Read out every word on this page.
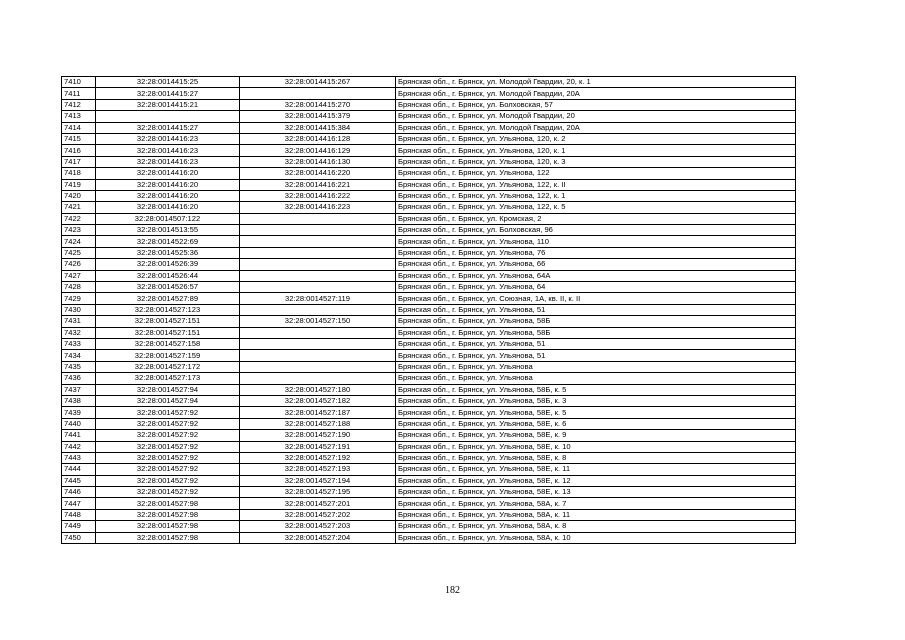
7410	32:28:0014415:25	32:28:0014415:267	Брянская обл., г. Брянск, ул. Молодой Гвардии, 20, к. 1
7411	32:28:0014415:27		Брянская обл., г. Брянск, ул. Молодой Гвардии, 20А
7412	32:28:0014415:21	32:28:0014415:270	Брянская обл., г. Брянск, ул. Болховская, 57
7413		32:28:0014415:379	Брянская обл., г. Брянск, ул. Молодой Гвардии, 20
7414	32:28:0014415:27	32:28:0014415:384	Брянская обл., г. Брянск, ул. Молодой Гвардии, 20А
7415	32:28:0014416:23	32:28:0014416:128	Брянская обл., г. Брянск, ул. Ульянова, 120, к. 2
7416	32:28:0014416:23	32:28:0014416:129	Брянская обл., г. Брянск, ул. Ульянова, 120, к. 1
7417	32:28:0014416:23	32:28:0014416:130	Брянская обл., г. Брянск, ул. Ульянова, 120, к. 3
7418	32:28:0014416:20	32:28:0014416:220	Брянская обл., г. Брянск, ул. Ульянова, 122
7419	32:28:0014416:20	32:28:0014416:221	Брянская обл., г. Брянск, ул. Ульянова, 122, к. II
7420	32:28:0014416:20	32:28:0014416:222	Брянская обл., г. Брянск, ул. Ульянова, 122, к. 1
7421	32:28:0014416:20	32:28:0014416:223	Брянская обл., г. Брянск, ул. Ульянова, 122, к. 5
7422	32:28:0014507:122		Брянская обл., г. Брянск, ул. Кромская, 2
7423	32:28:0014513:55		Брянская обл., г. Брянск, ул. Болховская, 96
7424	32:28:0014522:69		Брянская обл., г. Брянск, ул. Ульянова, 110
7425	32:28:0014525:36		Брянская обл., г. Брянск, ул. Ульянова, 76
7426	32:28:0014526:39		Брянская обл., г. Брянск, ул. Ульянова, 66
7427	32:28:0014526:44		Брянская обл., г. Брянск, ул. Ульянова, 64А
7428	32:28:0014526:57		Брянская обл., г. Брянск, ул. Ульянова, 64
7429	32:28:0014527:89	32:28:0014527:119	Брянская обл., г. Брянск, ул. Союзная, 1А, кв. II, к. II
7430	32:28:0014527:123		Брянская обл., г. Брянск, ул. Ульянова, 51
7431	32:28:0014527:151	32:28:0014527:150	Брянская обл., г. Брянск, ул. Ульянова, 58Б
7432	32:28:0014527:151		Брянская обл., г. Брянск, ул. Ульянова, 58Б
7433	32:28:0014527:158		Брянская обл., г. Брянск, ул. Ульянова, 51
7434	32:28:0014527:159		Брянская обл., г. Брянск, ул. Ульянова, 51
7435	32:28:0014527:172		Брянская обл., г. Брянск, ул. Ульянова
7436	32:28:0014527:173		Брянская обл., г. Брянск, ул. Ульянова
7437	32:28:0014527:94	32:28:0014527:180	Брянская обл., г. Брянск, ул. Ульянова, 58Б, к. 5
7438	32:28:0014527:94	32:28:0014527:182	Брянская обл., г. Брянск, ул. Ульянова, 58Б, к. 3
7439	32:28:0014527:92	32:28:0014527:187	Брянская обл., г. Брянск, ул. Ульянова, 58Е, к. 5
7440	32:28:0014527:92	32:28:0014527:188	Брянская обл., г. Брянск, ул. Ульянова, 58Е, к. 6
7441	32:28:0014527:92	32:28:0014527:190	Брянская обл., г. Брянск, ул. Ульянова, 58Е, к. 9
7442	32:28:0014527:92	32:28:0014527:191	Брянская обл., г. Брянск, ул. Ульянова, 58Е, к. 10
7443	32:28:0014527:92	32:28:0014527:192	Брянская обл., г. Брянск, ул. Ульянова, 58Е, к. 8
7444	32:28:0014527:92	32:28:0014527:193	Брянская обл., г. Брянск, ул. Ульянова, 58Е, к. 11
7445	32:28:0014527:92	32:28:0014527:194	Брянская обл., г. Брянск, ул. Ульянова, 58Е, к. 12
7446	32:28:0014527:92	32:28:0014527:195	Брянская обл., г. Брянск, ул. Ульянова, 58Е, к. 13
7447	32:28:0014527:98	32:28:0014527:201	Брянская обл., г. Брянск, ул. Ульянова, 58А, к. 7
7448	32:28:0014527:98	32:28:0014527:202	Брянская обл., г. Брянск, ул. Ульянова, 58А, к. 11
7449	32:28:0014527:98	32:28:0014527:203	Брянская обл., г. Брянск, ул. Ульянова, 58А, к. 8
7450	32:28:0014527:98	32:28:0014527:204	Брянская обл., г. Брянск, ул. Ульянова, 58А, к. 10
182
